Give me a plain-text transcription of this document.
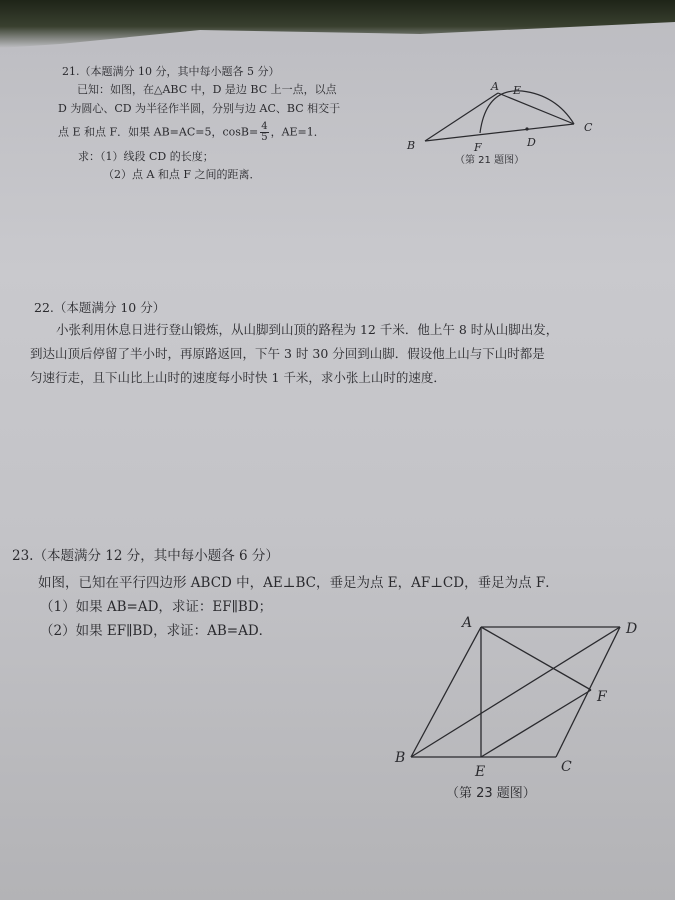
21.（本题满分 10 分，其中每小题各 5 分）
已知：如图，在△ABC 中，D 是边 BC 上一点，以点
D 为圆心、CD 为半径作半圆，分别与边 AC、BC 相交于
点 E 和点 F．如果 AB=AC=5，$\cos B= \frac{4}{5}$ ，AE=1．
求：（1）线段 CD 的长度；
（2）点 A 和点 F 之间的距离．
A E
B	F	D
C
（第 21 题图）
A	D
F
B
E	C
（第 23 题图）
22.（本题满分 10 分）
小张利用休息日进行登山锻炼，从山脚到山顶的路程为 12 千米．他上午 8 时从山脚出发，
到达山顶后停留了半小时，再原路返回，下午 3 时 30 分回到山脚．假设他上山与下山时都是
匀速行走，且下山比上山时的速度每小时快 1 千米，求小张上山时的速度．
23.（本题满分 12 分，其中每小题各 6 分）
如图，已知在平行四边形 ABCD 中，AE⊥BC，垂足为点 E，AF⊥CD，垂足为点 F．
（1）如果 AB=AD，求证：EF∥BD；
（2）如果 EF∥BD，求证：AB=AD．
